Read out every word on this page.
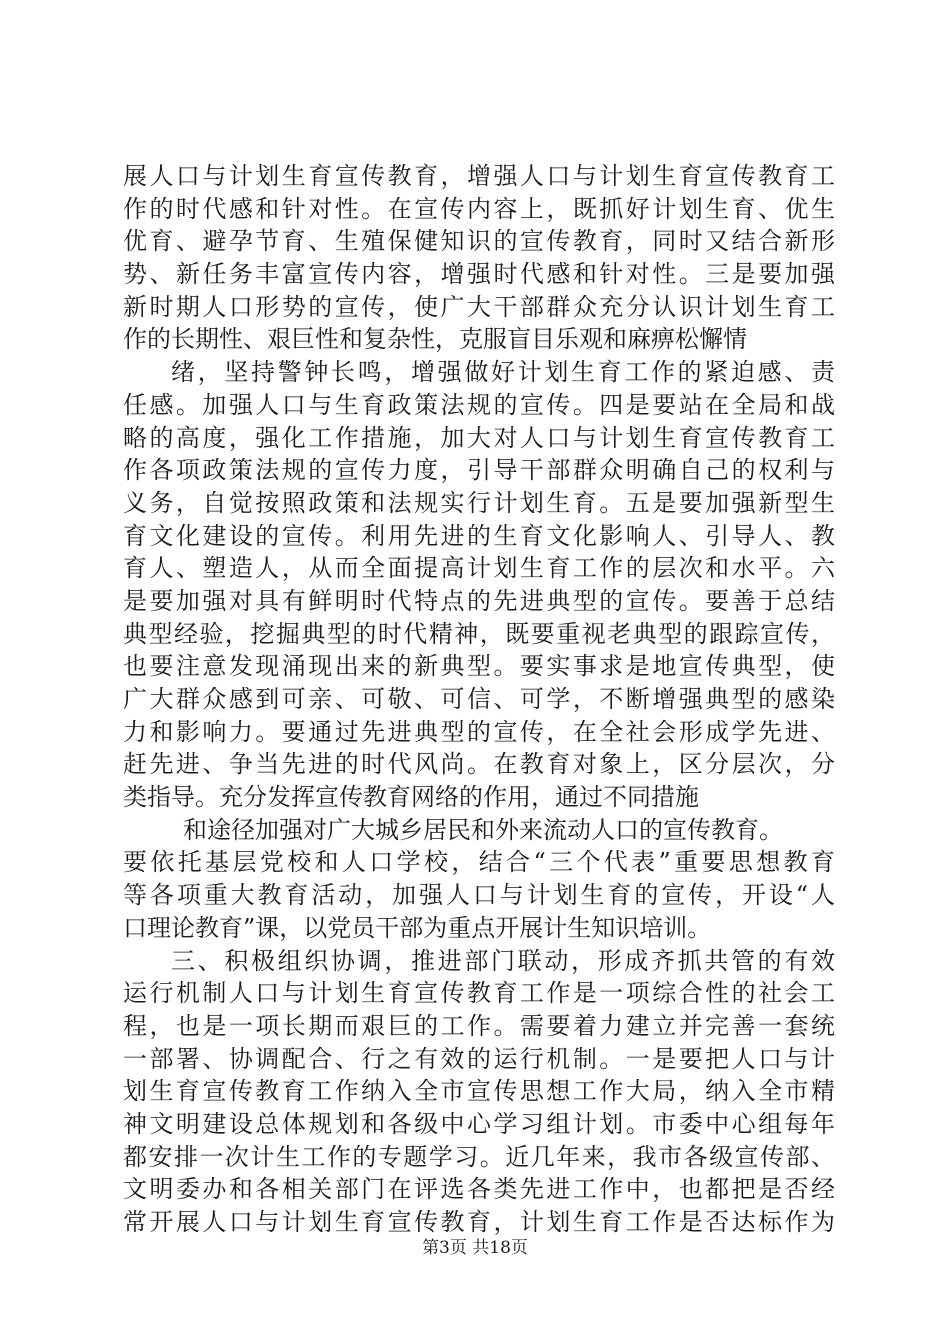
展人口与计划生育宣传教育，增强人口与计划生育宣传教育工
作的时代感和针对性。在宣传内容上，既抓好计划生育、优生
优育、避孕节育、生殖保健知识的宣传教育，同时又结合新形
势、新任务丰富宣传内容，增强时代感和针对性。三是要加强
新时期人口形势的宣传，使广大干部群众充分认识计划生育工
作的长期性、艰巨性和复杂性，克服盲目乐观和麻痹松懈情
绪，坚持警钟长鸣，增强做好计划生育工作的紧迫感、责
任感。加强人口与生育政策法规的宣传。四是要站在全局和战
略的高度，强化工作措施，加大对人口与计划生育宣传教育工
作各项政策法规的宣传力度，引导干部群众明确自己的权利与
义务，自觉按照政策和法规实行计划生育。五是要加强新型生
育文化建设的宣传。利用先进的生育文化影响人、引导人、教
育人、塑造人，从而全面提高计划生育工作的层次和水平。六
是要加强对具有鲜明时代特点的先进典型的宣传。要善于总结
典型经验，挖掘典型的时代精神，既要重视老典型的跟踪宣传，
也要注意发现涌现出来的新典型。要实事求是地宣传典型，使
广大群众感到可亲、可敬、可信、可学，不断增强典型的感染
力和影响力。要通过先进典型的宣传，在全社会形成学先进、
赶先进、争当先进的时代风尚。在教育对象上，区分层次，分
类指导。充分发挥宣传教育网络的作用，通过不同措施
和途径加强对广大城乡居民和外来流动人口的宣传教育。
要依托基层党校和人口学校，结合“三个代表”重要思想教育
等各项重大教育活动，加强人口与计划生育的宣传，开设“人
口理论教育”课，以党员干部为重点开展计生知识培训。
三、积极组织协调，推进部门联动，形成齐抓共管的有效
运行机制人口与计划生育宣传教育工作是一项综合性的社会工
程，也是一项长期而艰巨的工作。需要着力建立并完善一套统
一部署、协调配合、行之有效的运行机制。一是要把人口与计
划生育宣传教育工作纳入全市宣传思想工作大局，纳入全市精
神文明建设总体规划和各级中心学习组计划。市委中心组每年
都安排一次计生工作的专题学习。近几年来，我市各级宣传部、
文明委办和各相关部门在评选各类先进工作中，也都把是否经
常开展人口与计划生育宣传教育，计划生育工作是否达标作为
第3页 共18页
